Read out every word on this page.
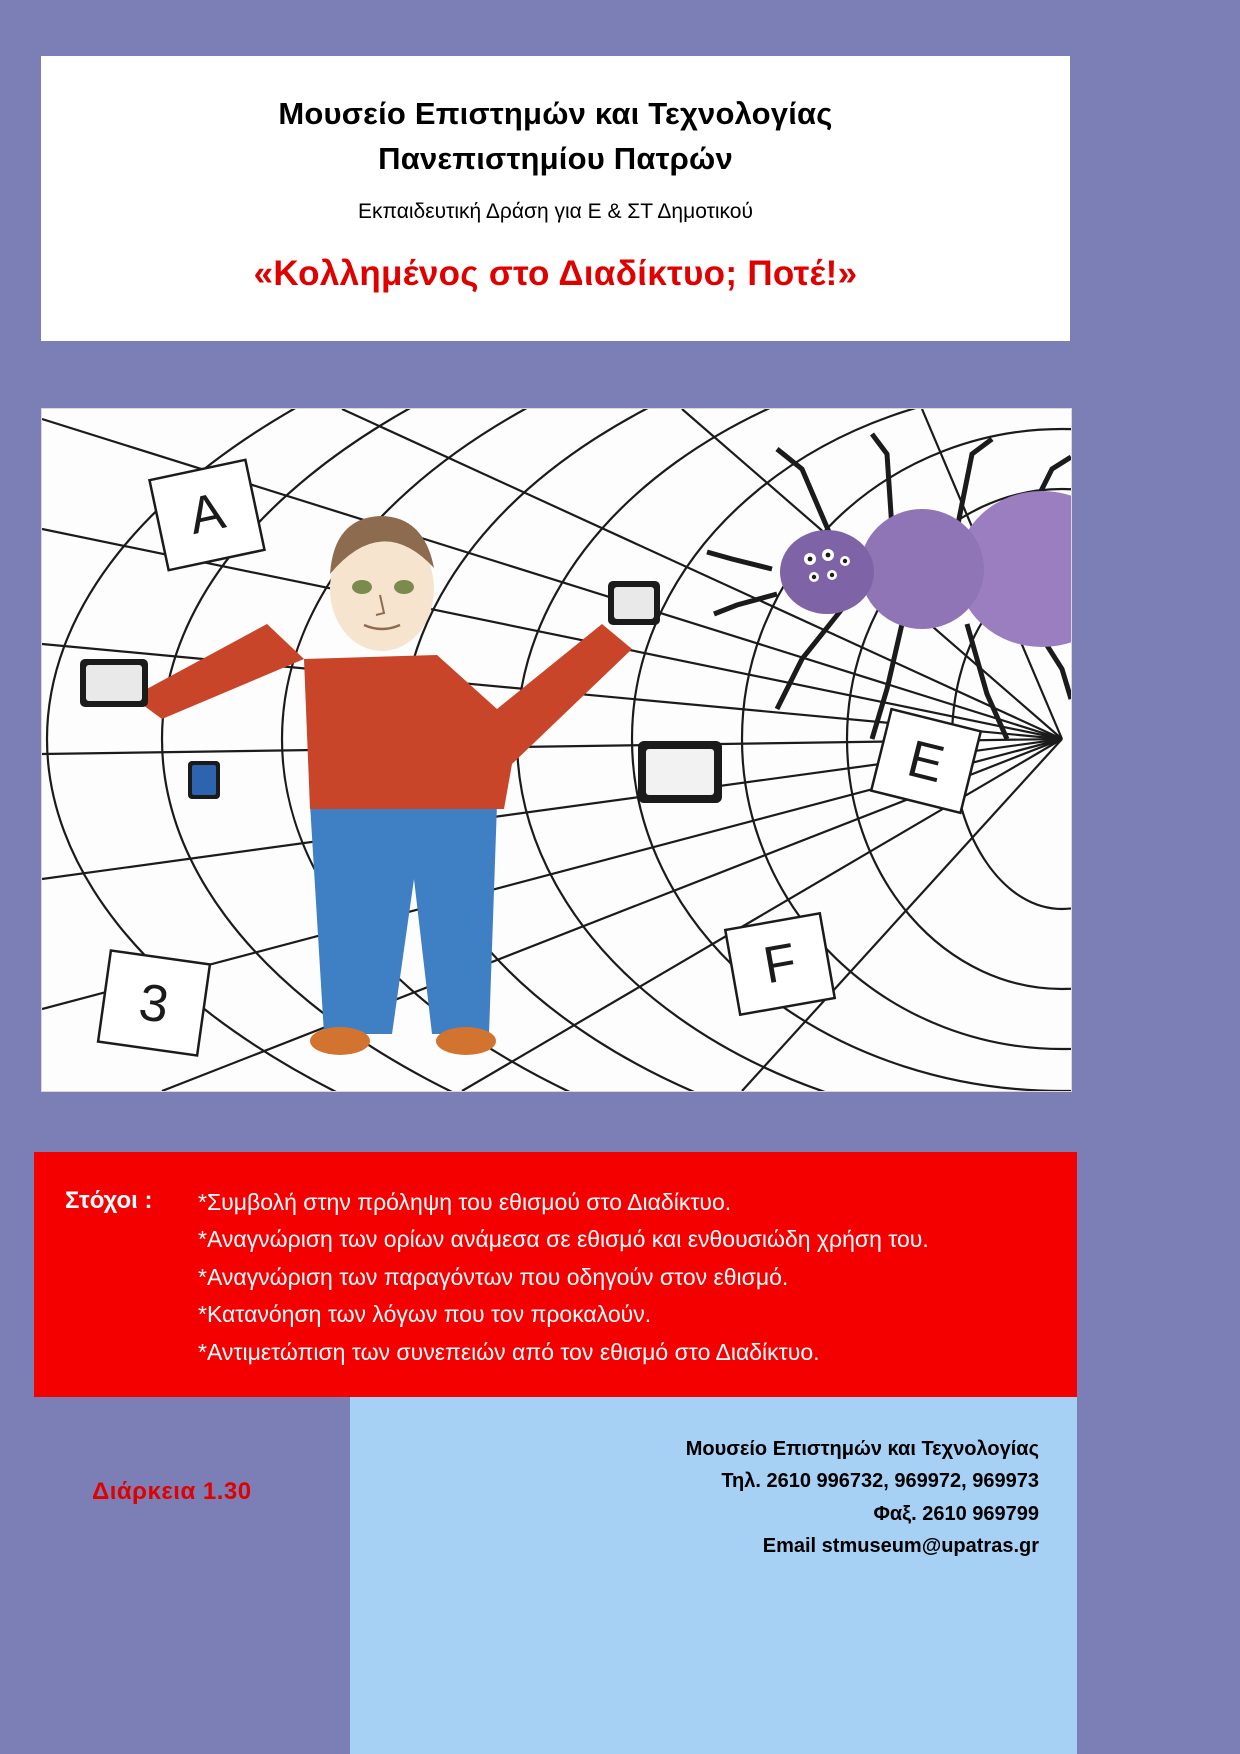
Μουσείο Επιστημών και Τεχνολογίας
Πανεπιστημίου Πατρών
Εκπαιδευτική Δράση για Ε & ΣΤ Δημοτικού
«Κολλημένος στο Διαδίκτυο; Ποτέ!»
A
E
F
3
Στόχοι : *Συμβολή στην πρόληψη του εθισμού στο Διαδίκτυο.
*Αναγνώριση των ορίων ανάμεσα σε εθισμό και ενθουσιώδη χρήση του.
*Αναγνώριση των παραγόντων που οδηγούν στον εθισμό.
*Κατανόηση των λόγων που τον προκαλούν.
*Αντιμετώπιση των συνεπειών από τον εθισμό στο Διαδίκτυο.
Μουσείο Επιστημών και Τεχνολογίας
Τηλ. 2610 996732, 969972, 969973
Φαξ. 2610 969799
Email stmuseum@upatras.gr
Διάρκεια 1.30
